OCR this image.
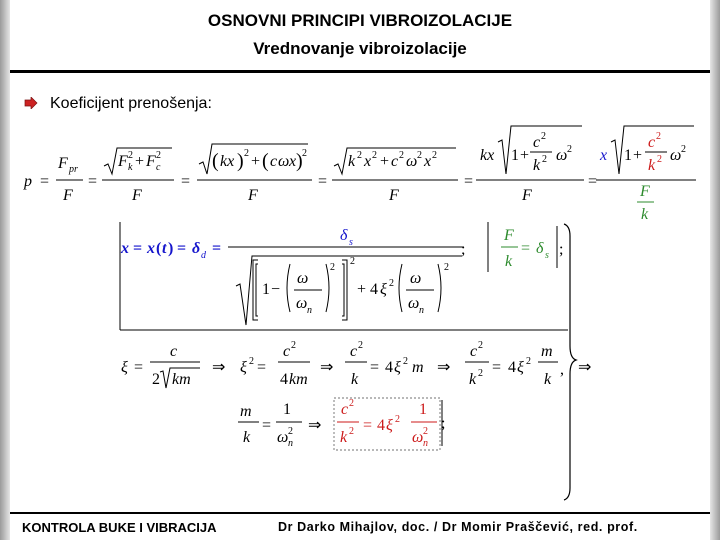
OSNOVNI PRINCIPI VIBROIZOLACIJE
Vrednovanje vibroizolacije
Koeficijent prenošenja:
p =
F pr
F
=
F 2
k + F 2
c
F
=
( kx ) 2 + ( c ω x ) 2
F
=
k 2 x 2 + c 2 ω 2 x 2
F
=
kx 1 +
c 2
k 2 ω 2
F
=
x 1 +
c 2
k 2 ω 2
F
k
x = x ( t ) = δ d =
δ s
1 −
ω
ω n
2
2
+ 4 ξ 2 ω
ω n
2
;
F
k
= δ s ;
ξ =
c
2 km
⇒ ξ 2 =
c 2
4 km
⇒
c 2
k
= 4 ξ 2 m ⇒
c 2
k 2 = 4 ξ 2
m
k
, ⇒
m
k
=
1
ω 2
n
⇒
c 2
k 2 = 4 ξ 2
1
ω 2
n
;
KONTROLA BUKE I VIBRACIJA	Dr Darko Mihajlov, doc. / Dr Momir Praščević, red. prof.
